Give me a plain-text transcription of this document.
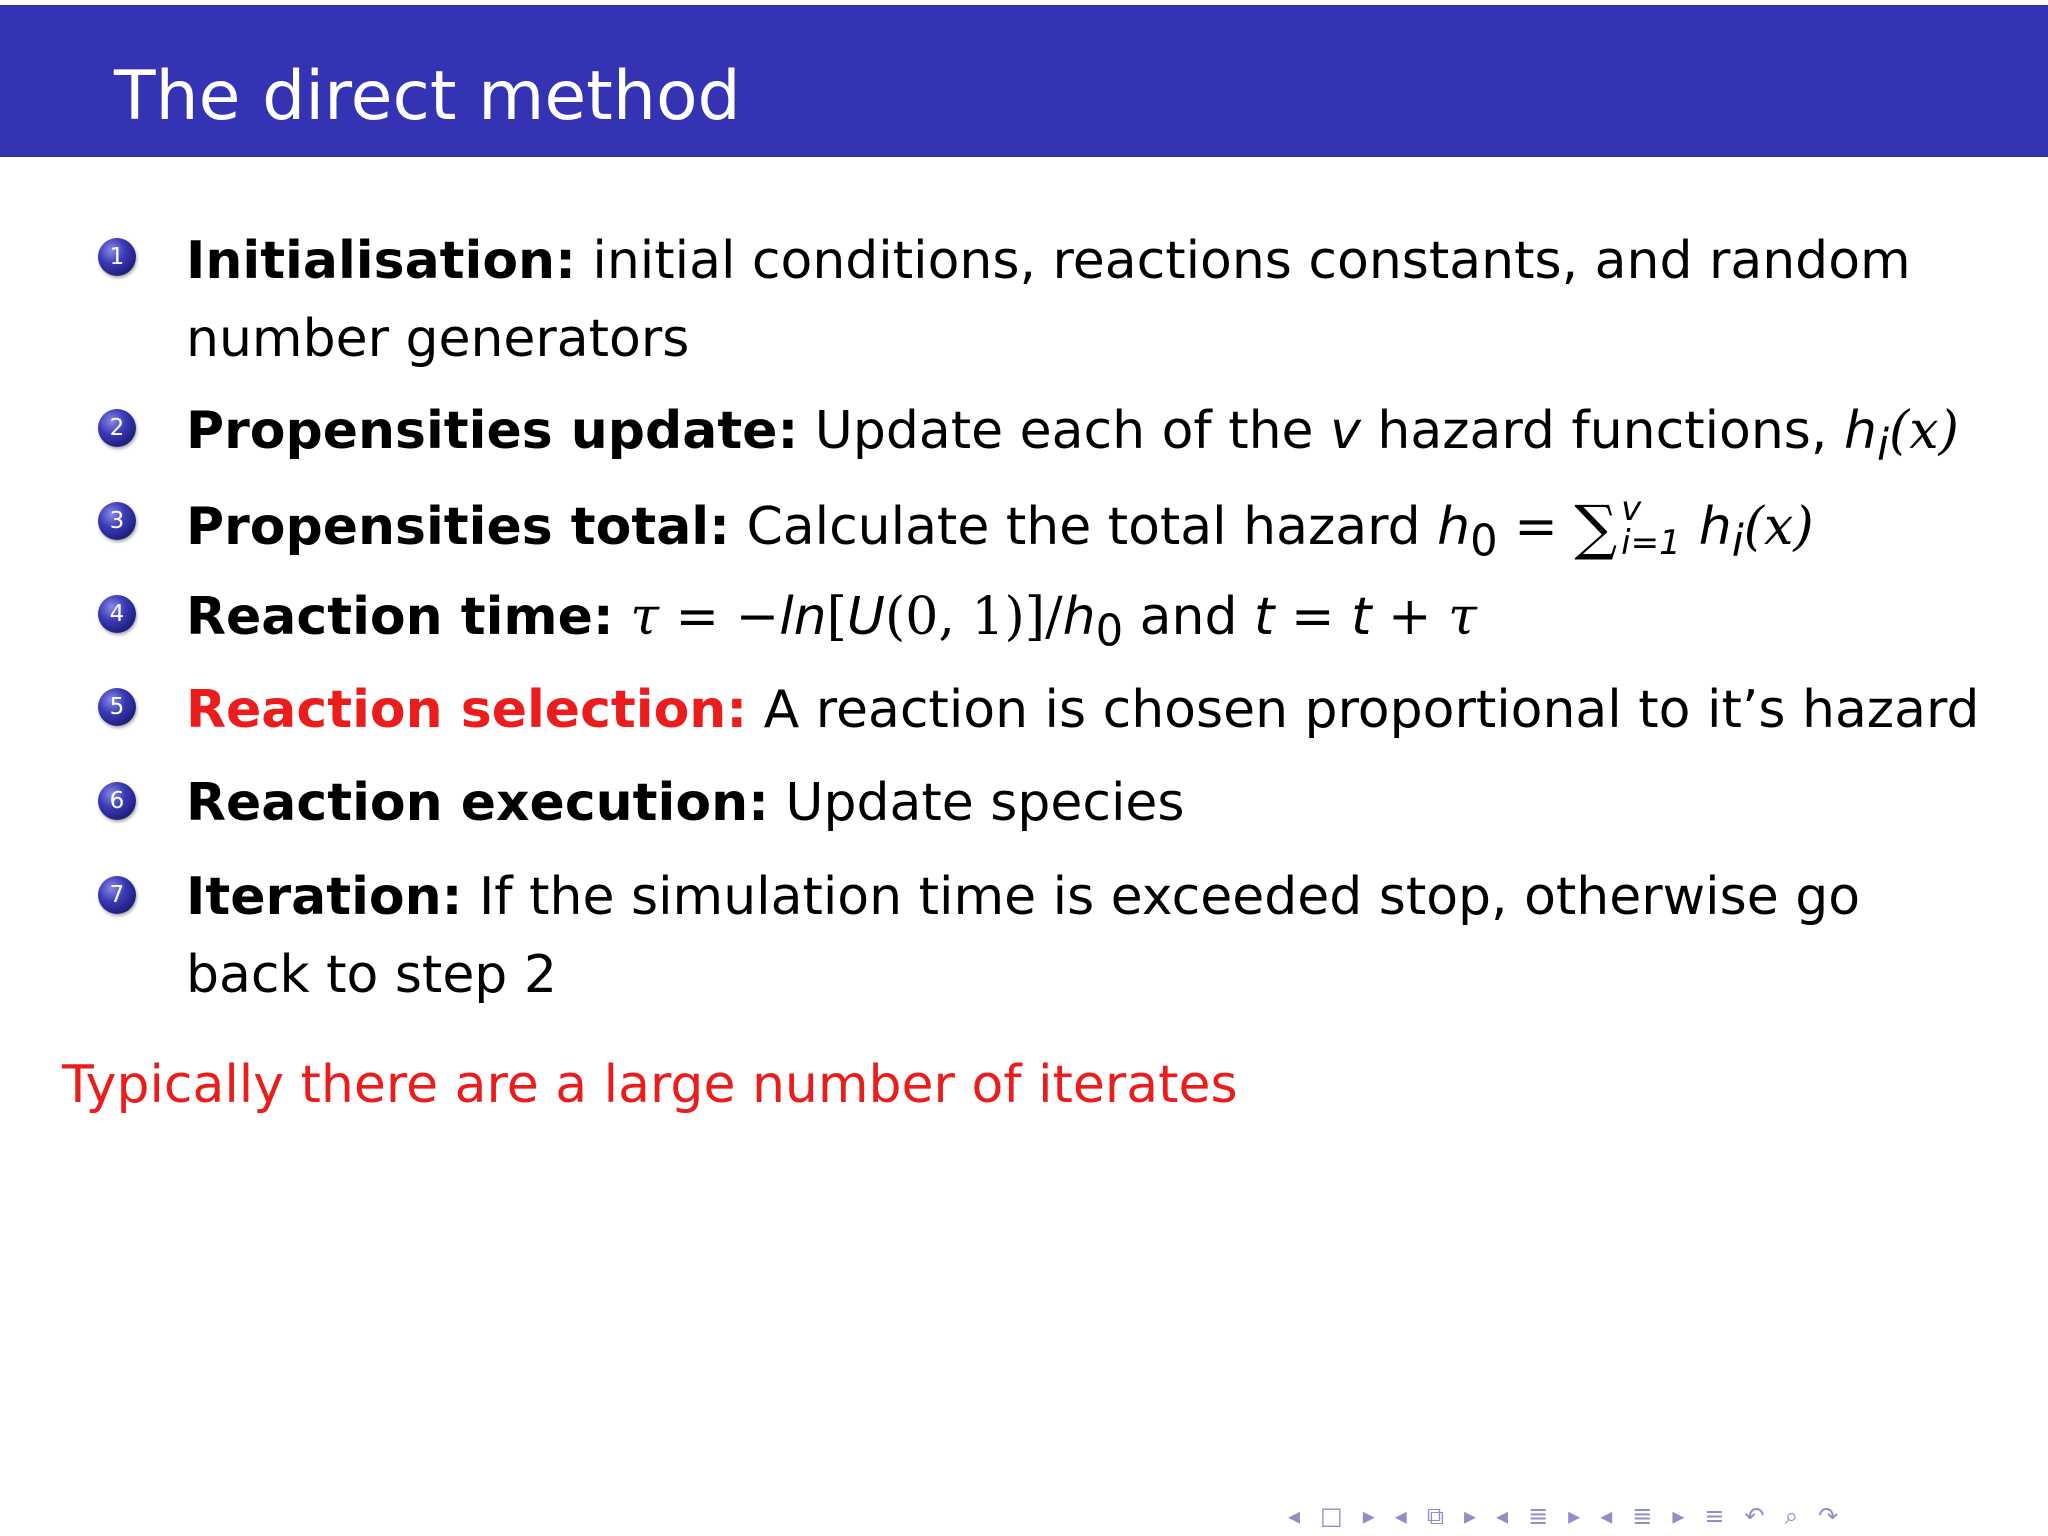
The direct method
1 Initialisation: initial conditions, reactions constants, and random number generators
2 Propensities update: Update each of the v hazard functions, $h_i(x)$
3 Propensities total: Calculate the total hazard $h_0$ = ∑ v
i=1 $h_i(x)$
4 Reaction time: τ = −ln[U(0, $1)]/h_0$ and t = t + τ
5 Reaction selection: A reaction is chosen proportional to it’s hazard
6 Reaction execution: Update species
7 Iteration: If the simulation time is exceeded stop, otherwise go back to step 2
Typically there are a large number of iterates
◂ □ ▸ ◂ ⧉ ▸ ◂ ≣ ▸ ◂ ≣ ▸ ≡ ↶ ⌕ ↷
